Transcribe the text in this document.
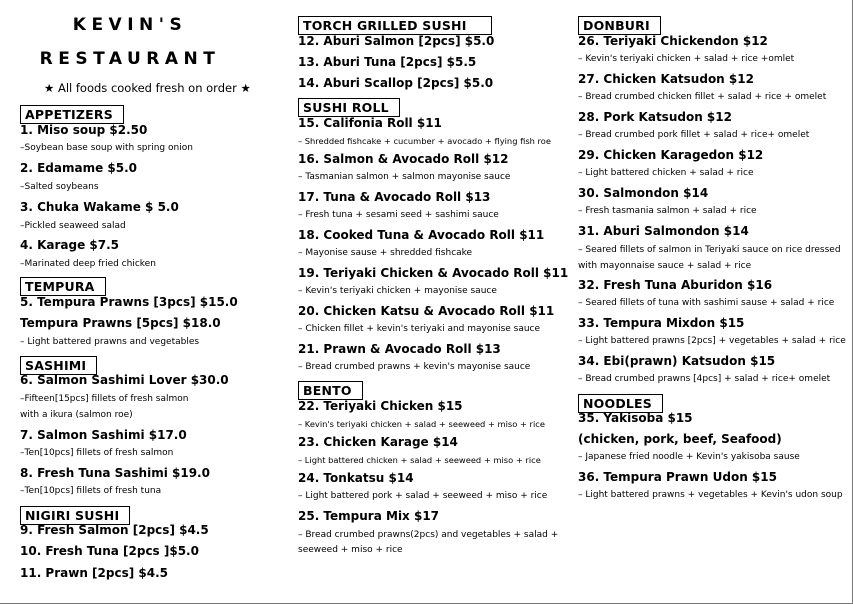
KEVIN'S
RESTAURANT
★ All foods cooked fresh on order ★
APPETIZERS
1. Miso soup $2.50
–Soybean base soup with spring onion
2. Edamame $5.0
–Salted soybeans
3. Chuka Wakame $ 5.0
–Pickled seaweed salad
4. Karage $7.5
–Marinated deep fried chicken
TEMPURA
5. Tempura Prawns [3pcs] $15.0
Tempura Prawns [5pcs] $18.0
– Light battered prawns and vegetables
SASHIMI
6. Salmon Sashimi Lover $30.0
–Fifteen[15pcs] fillets of fresh salmon
with a ikura (salmon roe)
7. Salmon Sashimi $17.0
–Ten[10pcs] fillets of fresh salmon
8. Fresh Tuna Sashimi $19.0
–Ten[10pcs] fillets of fresh tuna
NIGIRI SUSHI
9. Fresh Salmon [2pcs] $4.5
10. Fresh Tuna [2pcs ]$5.0
11. Prawn [2pcs] $4.5
TORCH GRILLED SUSHI
12. Aburi Salmon [2pcs] $5.0
13. Aburi Tuna [2pcs] $5.5
14. Aburi Scallop [2pcs] $5.0
SUSHI ROLL
15. Califonia Roll $11
– Shredded fishcake + cucumber + avocado + flying fish roe
16. Salmon & Avocado Roll $12
– Tasmanian salmon + salmon mayonise sauce
17. Tuna & Avocado Roll $13
– Fresh tuna + sesami seed + sashimi sauce
18. Cooked Tuna & Avocado Roll $11
– Mayonise sause + shredded fishcake
19. Teriyaki Chicken & Avocado Roll $11
– Kevin's teriyaki chicken + mayonise sauce
20. Chicken Katsu & Avocado Roll $11
– Chicken fillet + kevin's teriyaki and mayonise sauce
21. Prawn & Avocado Roll $13
– Bread crumbed prawns + kevin's mayonise sauce
BENTO
22. Teriyaki Chicken $15
– Kevin's teriyaki chicken + salad + seeweed + miso + rice
23. Chicken Karage $14
– Light battered chicken + salad + seeweed + miso + rice
24. Tonkatsu $14
– Light battered pork + salad + seeweed + miso + rice
25. Tempura Mix $17
– Bread crumbed prawns(2pcs) and vegetables + salad +
seeweed + miso + rice
DONBURI
26. Teriyaki Chickendon $12
– Kevin's teriyaki chicken + salad + rice +omlet
27. Chicken Katsudon $12
– Bread crumbed chicken fillet + salad + rice + omelet
28. Pork Katsudon $12
– Bread crumbed pork fillet + salad + rice+ omelet
29. Chicken Karagedon $12
– Light battered chicken + salad + rice
30. Salmondon $14
– Fresh tasmania salmon + salad + rice
31. Aburi Salmondon $14
– Seared fillets of salmon in Teriyaki sauce on rice dressed
with mayonnaise sauce + salad + rice
32. Fresh Tuna Aburidon $16
– Seared fillets of tuna with sashimi sause + salad + rice
33. Tempura Mixdon $15
– Light battered prawns [2pcs] + vegetables + salad + rice
34. Ebi(prawn) Katsudon $15
– Bread crumbed prawns [4pcs] + salad + rice+ omelet
NOODLES
35. Yakisoba $15
(chicken, pork, beef, Seafood)
– Japanese fried noodle + Kevin's yakisoba sause
36. Tempura Prawn Udon $15
– Light battered prawns + vegetables + Kevin's udon soup
